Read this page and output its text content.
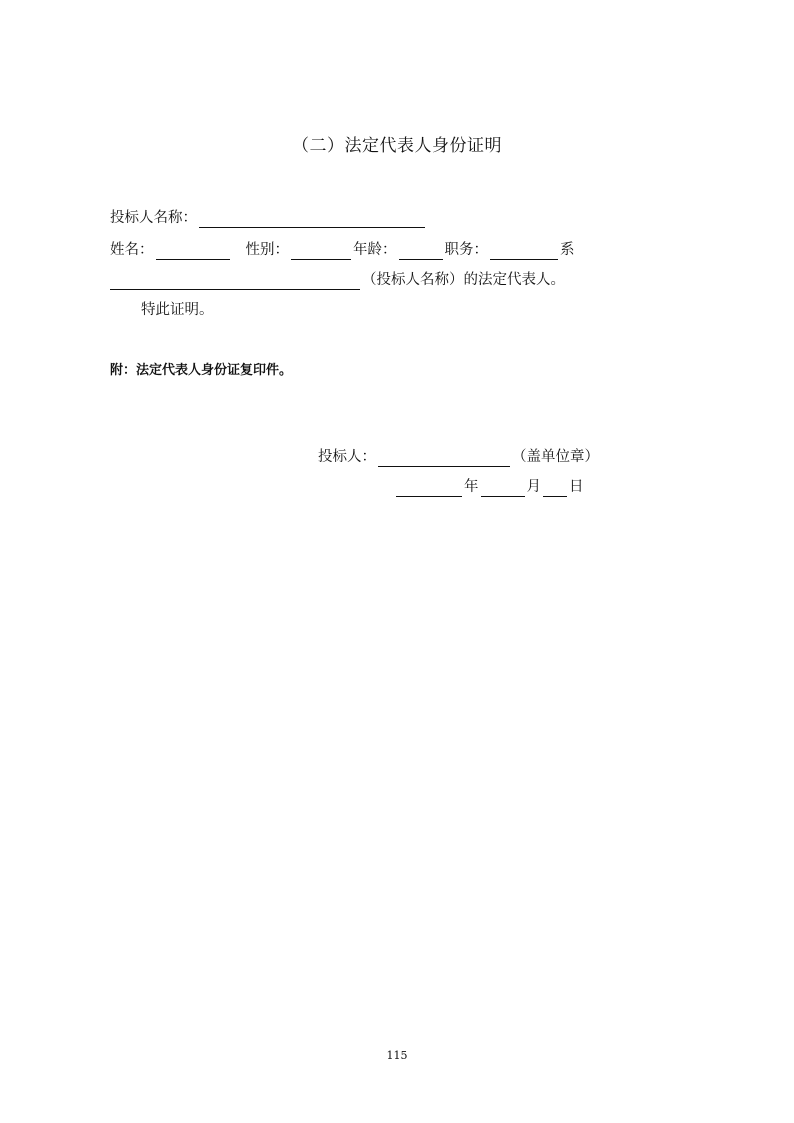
（二）法定代表人身份证明
投标人名称：
姓名：	性别：	年龄：	职务：	系
（投标人名称）的法定代表人。
特此证明。
附：法定代表人身份证复印件。
投标人：	（盖单位章）
年	月 日
115
